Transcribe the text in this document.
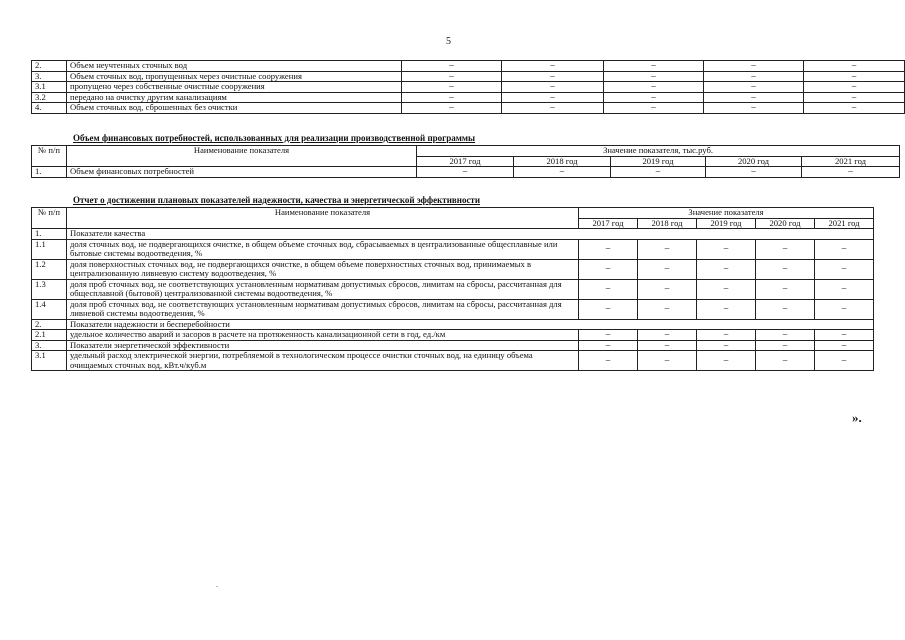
5
2.	Объем неучтенных сточных вод	–	–	–	–	–
3.	Объем сточных вод, пропущенных через очистные сооружения	–	–	–	–	–
3.1	пропущено через собственные очистные сооружения	–	–	–	–	–
3.2	передано на очистку другим канализациям	–	–	–	–	–
4.	Объем сточных вод, сброшенных без очистки	–	–	–	–	–
Объем финансовых потребностей, использованных для реализации производственной программы
№ п/п	Наименование показателя	Значение показателя, тыс.руб.				
		2017 год	2018 год	2019 год	2020 год	2021 год
1.	Объем финансовых потребностей	–	–	–	–	–
Отчет о достижении плановых показателей надежности, качества и энергетической эффективности
№ п/п	Наименование показателя	Значение показателя				
		2017 год	2018 год	2019 год	2020 год	2021 год
1.	Показатели качества					
1.1	доля сточных вод, не подвергающихся очистке, в общем объеме сточных вод, сбрасываемых в централизованные общесплавные или бытовые системы водоотведения, %	–	–	–	–	–
1.2	доля поверхностных сточных вод, не подвергающихся очистке, в общем объеме поверхностных сточных вод, принимаемых в централизованную ливневую систему водоотведения, %	–	–	–	–	–
1.3	доля проб сточных вод, не соответствующих установленным нормативам допустимых сбросов, лимитам на сбросы, рассчитанная для общесплавной (бытовой) централизованной системы водоотведения, %	–	–	–	–	–
1.4	доля проб сточных вод, не соответствующих установленным нормативам допустимых сбросов, лимитам на сбросы, рассчитанная для ливневой системы водоотведения, %	–	–	–	–	–
2.	Показатели надежности и бесперебойности					
2.1	удельное количество аварий и засоров в расчете на протяженность канализационной сети в год, ед./км	–	–	–	–	–
3.	Показатели энергетической эффективности	–	–	–	–	–
3.1	удельный расход электрической энергии, потребляемой в технологическом процессе очистки сточных вод, на единицу объема очищаемых сточных вод, кВт.ч/куб.м	–	–	–	–	–
».
.
